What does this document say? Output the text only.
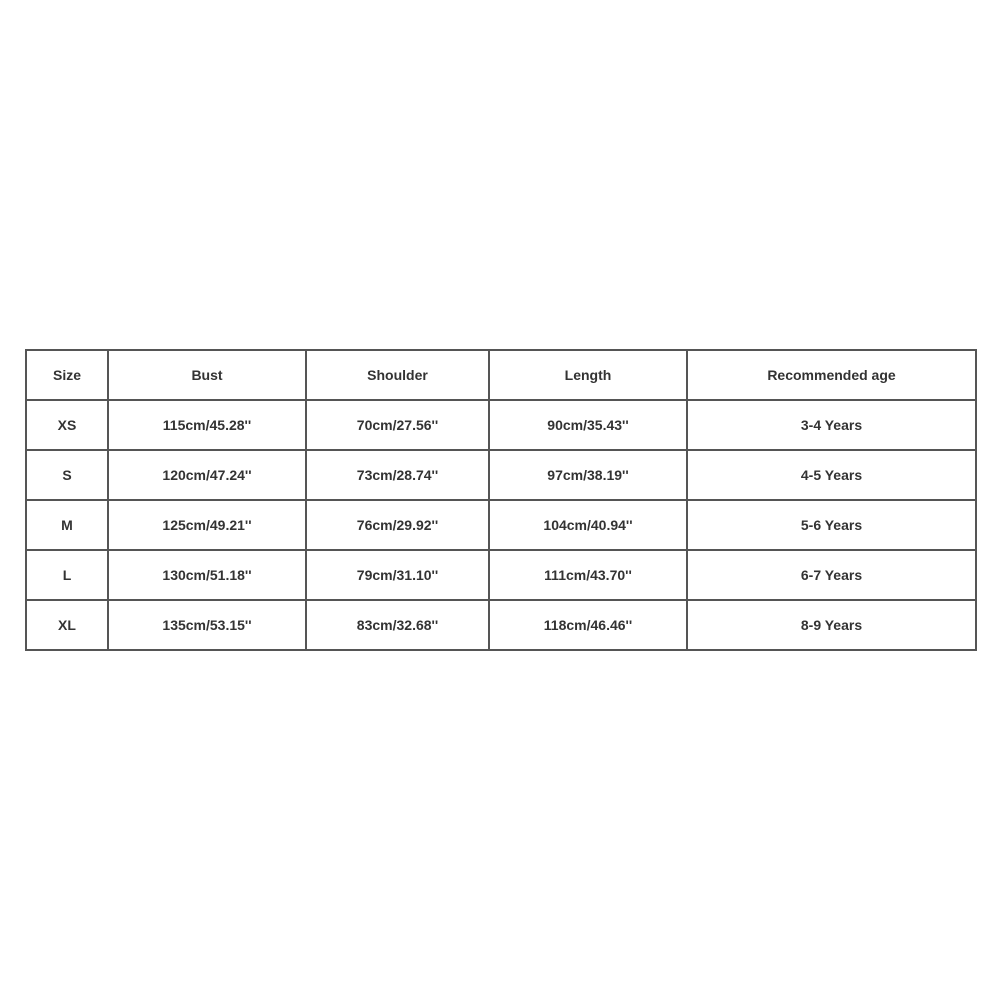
Size	Bust	Shoulder	Length	Recommended age
XS	115cm/45.28''	70cm/27.56''	90cm/35.43''	3-4 Years
S	120cm/47.24''	73cm/28.74''	97cm/38.19''	4-5 Years
M	125cm/49.21''	76cm/29.92''	104cm/40.94''	5-6 Years
L	130cm/51.18''	79cm/31.10''	111cm/43.70''	6-7 Years
XL	135cm/53.15''	83cm/32.68''	118cm/46.46''	8-9 Years
